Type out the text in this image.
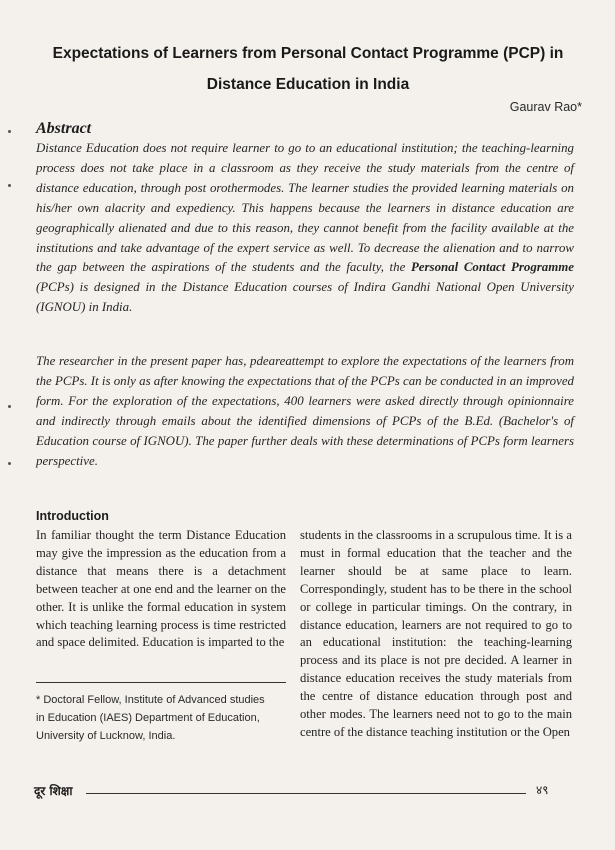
Expectations of Learners from Personal Contact Programme (PCP) in
Distance Education in India
Gaurav Rao*
Abstract
Distance Education does not require learner to go to an educational institution; the teaching-learning process does not take place in a classroom as they receive the study materials from the centre of distance education, through post orothermodes. The learner studies the provided learning materials on his/her own alacrity and expediency. This happens because the learners in distance education are geographically alienated and due to this reason, they cannot benefit from the facility available at the institutions and take advantage of the expert service as well. To decrease the alienation and to narrow the gap between the aspirations of the students and the faculty, the Personal Contact Programme (PCPs) is designed in the Distance Education courses of Indira Gandhi National Open University (IGNOU) in India.
The researcher in the present paper has, pdeareattempt to explore the expectations of the learners from the PCPs. It is only as after knowing the expectations that of the PCPs can be conducted in an improved form. For the exploration of the expectations, 400 learners were asked directly through opinionnaire and indirectly through emails about the identified dimensions of PCPs of the B.Ed. (Bachelor's of Education course of IGNOU). The paper further deals with these determinations of PCPs form learners perspective.
Introduction
In familiar thought the term Distance Education may give the impression as the education from a distance that means there is a detachment between teacher at one end and the learner on the other. It is unlike the formal education in system which teaching learning process is time restricted and space delimited. Education is imparted to the
students in the classrooms in a scrupulous time. It is a must in formal education that the teacher and the learner should be at same place to learn. Correspondingly, student has to be there in the school or college in particular timings. On the contrary, in distance education, learners are not required to go to an educational institution: the teaching-learning process and its place is not pre decided. A learner in distance education receives the study materials from the centre of distance education through post and other modes. The learners need not to go to the main centre of the distance teaching institution or the Open
* Doctoral Fellow, Institute of Advanced studies in Education (IAES) Department of Education, University of Lucknow, India.
दूर शिक्षा	४९
